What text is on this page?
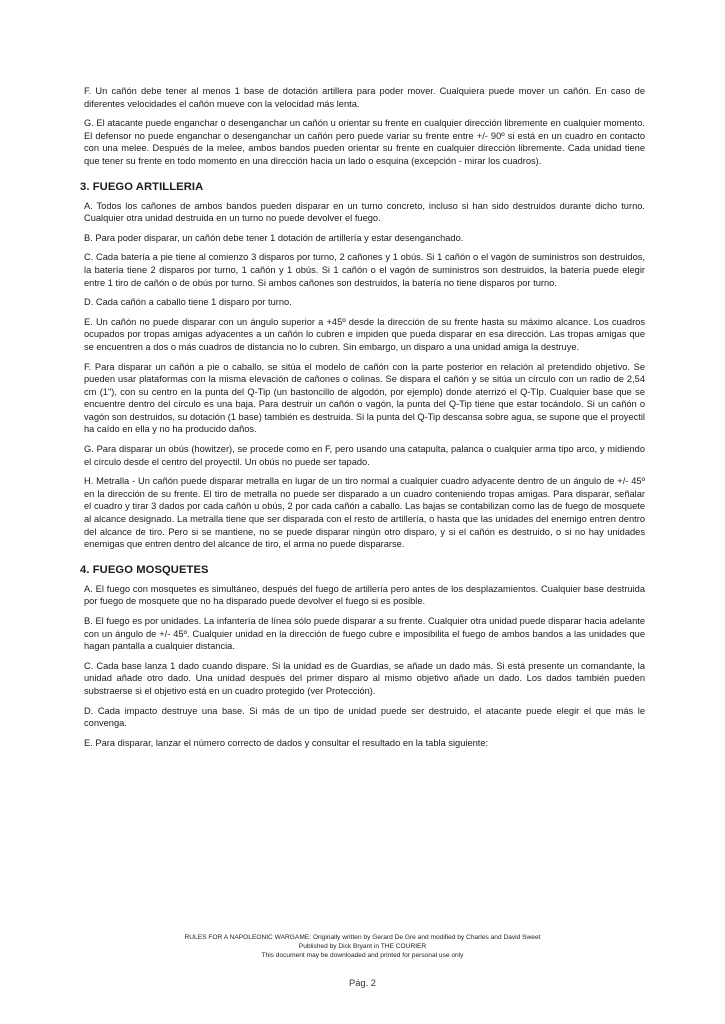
F. Un cañón debe tener al menos 1 base de dotación artillera para poder mover. Cualquiera puede mover un cañón. En caso de diferentes velocidades el cañón mueve con la velocidad más lenta.

G. El atacante puede enganchar o desenganchar un cañón u orientar su frente en cualquier dirección libremente en cualquier momento. El defensor no puede enganchar o desenganchar un cañón pero puede variar su frente entre +/- 90º si está en un cuadro en contacto con una melee. Después de la melee, ambos bandos pueden orientar su frente en cualquier dirección libremente. Cada unidad tiene que tener su frente en todo momento en una dirección hacia un lado o esquina (excepción - mirar los cuadros).

3. FUEGO ARTILLERIA

A. Todos los cañones de ambos bandos pueden disparar en un turno concreto, incluso si han sido destruidos durante dicho turno. Cualquier otra unidad destruida en un turno no puede devolver el fuego.

B. Para poder disparar, un cañón debe tener 1 dotación de artillería y estar desenganchado.

C. Cada batería a pie tiene al comienzo 3 disparos por turno, 2 cañones y 1 obús. Si 1 cañón o el vagón de suministros son destruidos, la batería tiene 2 disparos por turno, 1 cañón y 1 obús. Si 1 cañón o el vagón de suministros son destruidos, la batería puede elegir entre 1 tiro de cañón o de obús por turno. Si ambos cañones son destruidos, la batería no tiene disparos por turno.

D. Cada cañón a caballo tiene 1 disparo por turno.

E. Un cañón no puede disparar con un ángulo superior a +45º desde la dirección de su frente hasta su máximo alcance. Los cuadros ocupados por tropas amigas adyacentes a un cañón lo cubren e impiden que pueda disparar en esa dirección. Las tropas amigas que se encuentren a dos o más cuadros de distancia no lo cubren. Sin embargo, un disparo a una unidad amiga la destruye.

F. Para disparar un cañón a pie o caballo, se sitúa el modelo de cañón con la parte posterior en relación al pretendido objetivo. Se pueden usar plataformas con la misma elevación de cañones o colinas. Se dispara el cañón y se sitúa un círculo con un radio de 2,54 cm (1"), con su centro en la punta del Q-Tip (un bastoncillo de algodón, por ejemplo) donde aterrizó el Q-TIp. Cualquier base que se encuentre dentro del círculo es una baja. Para destruir un cañón o vagón, la punta del Q-Tip tiene que estar tocándolo. Si un cañón o vagón son destruidos, su dotación (1 base) también es destruida. Si la punta del Q-Tip descansa sobre agua, se supone que el proyectil ha caído en ella y no ha producido daños.

G. Para disparar un obús (howitzer), se procede como en F, pero usando una catapulta, palanca o cualquier arma tipo arco, y midiendo el círculo desde el centro del proyectil. Un obús no puede ser tapado.

H. Metralla - Un cañón puede disparar metralla en lugar de un tiro normal a cualquier cuadro adyacente dentro de un ángulo de +/- 45º en la dirección de su frente. El tiro de metralla no puede ser disparado a un cuadro conteniendo tropas amigas. Para disparar, señalar el cuadro y tirar 3 dados por cada cañón u obús, 2 por cada cañón a caballo. Las bajas se contabilizan como las de fuego de mosquete al alcance designado. La metralla tiene que ser disparada con el resto de artillería, o hasta que las unidades del enemigo entren dentro del alcance de tiro. Pero si se mantiene, no se puede disparar ningún otro disparo, y si el cañón es destruido, o si no hay unidades enemigas que entren dentro del alcance de tiro, el arma no puede dispararse.

4. FUEGO MOSQUETES

A. El fuego con mosquetes es simultáneo, después del fuego de artillería pero antes de los desplazamientos. Cualquier base destruida por fuego de mosquete que no ha disparado puede devolver el fuego si es posible.

B. El fuego es por unidades. La infantería de línea sólo puede disparar a su frente. Cualquier otra unidad puede disparar hacia adelante con un ángulo de +/- 45º. Cualquier unidad en la dirección de fuego cubre e imposibilita el fuego de ambos bandos a las unidades que hagan pantalla a cualquier distancia.

C. Cada base lanza 1 dado cuando dispare. Si la unidad es de Guardias, se añade un dado más. Si está presente un comandante, la unidad añade otro dado. Una unidad después del primer disparo al mismo objetivo añade un dado. Los dados también pueden substraerse si el objetivo está en un cuadro protegido (ver Protección).

D. Cada impacto destruye una base. Si más de un tipo de unidad puede ser destruido, el atacante puede elegir el que más le convenga.

E. Para disparar, lanzar el número correcto de dados y consultar el resultado en la tabla siguiente:

RULES FOR A NAPOLEONIC WARGAME: Originally written by Gerard De Gre and modified by Charles and David Sweet
Published by Dick Bryant in THE COURIER
This document may be downloaded and printed for personal use only
Pág. 2
